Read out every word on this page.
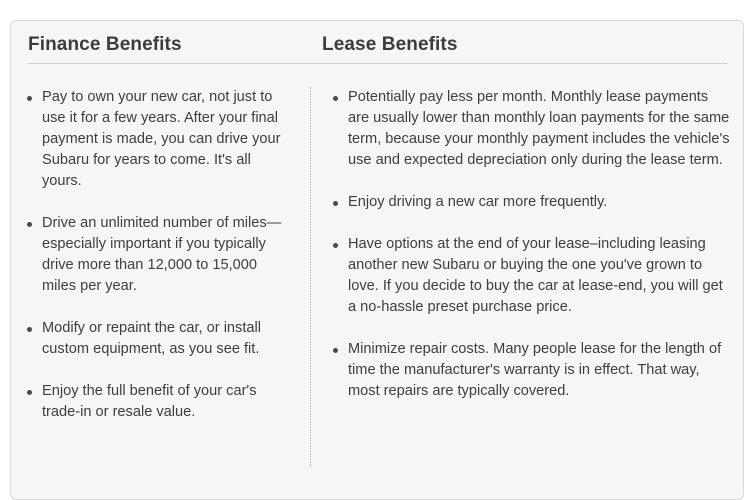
Finance Benefits	Lease Benefits
Pay to own your new car, not just to use it for a few years. After your final payment is made, you can drive your Subaru for years to come. It's all yours.
Drive an unlimited number of miles—especially important if you typically drive more than 12,000 to 15,000 miles per year.
Modify or repaint the car, or install custom equipment, as you see fit.
Enjoy the full benefit of your car's trade-in or resale value.
Potentially pay less per month. Monthly lease payments are usually lower than monthly loan payments for the same term, because your monthly payment includes the vehicle's use and expected depreciation only during the lease term.
Enjoy driving a new car more frequently.
Have options at the end of your lease–including leasing another new Subaru or buying the one you've grown to love. If you decide to buy the car at lease-end, you will get a no-hassle preset purchase price.
Minimize repair costs. Many people lease for the length of time the manufacturer's warranty is in effect. That way, most repairs are typically covered.
